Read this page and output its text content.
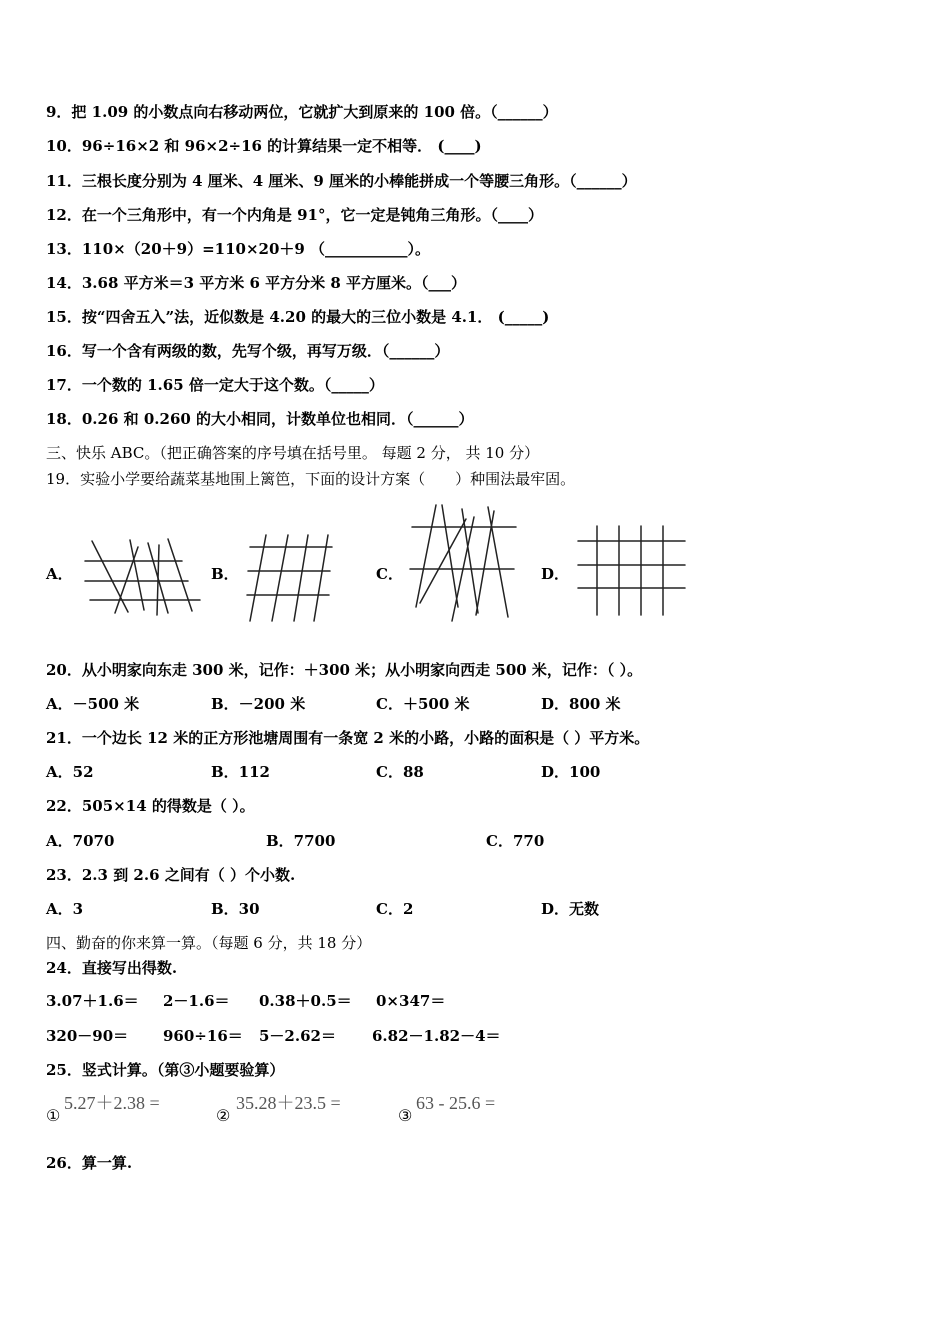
9．把 1.09 的小数点向右移动两位，它就扩大到原来的 100 倍。（______）
10．96÷16×2 和 96×2÷16 的计算结果一定不相等． (____)
11．三根长度分别为 4 厘米、4 厘米、9 厘米的小棒能拼成一个等腰三角形。（______）
12．在一个三角形中，有一个内角是 91°，它一定是钝角三角形。（____）
13．110×（20＋9）=110×20＋9 （___________）。
14．3.68 平方米＝3 平方米 6 平方分米 8 平方厘米。（___）
15．按“四舍五入”法，近似数是 4.20 的最大的三位小数是 4.1． (_____)
16．写一个含有两级的数，先写个级，再写万级．（______）
17．一个数的 1.65 倍一定大于这个数。（_____）
18．0.26 和 0.260 的大小相同，计数单位也相同．（______）
三、快乐 ABC。（把正确答案的序号填在括号里。 每题 2 分， 共 10 分）
19．实验小学要给蔬菜基地围上篱笆，下面的设计方案（　　）种围法最牢固。
A．	B．	C．	D．
20．从小明家向东走 300 米，记作：＋300 米；从小明家向西走 500 米，记作：（ ）。
A．－500 米	B．－200 米	C．＋500 米	D．800 米
21．一个边长 12 米的正方形池塘周围有一条宽 2 米的小路，小路的面积是（ ）平方米。
A．52	B．112	C．88	D．100
22．505×14 的得数是（ ）。
A．7070	B．7700	C．770
23．2.3 到 2.6 之间有（ ）个小数.
A．3	B．30	C．2	D．无数
四、勤奋的你来算一算。（每题 6 分，共 18 分）
24．直接写出得数.
3.07＋1.6＝ 2－1.6＝ 0.38＋0.5＝ 0×347＝
320－90＝ 960÷16＝ 5－2.62＝ 6.82－1.82－4＝
25．竖式计算。（第③小题要验算）
①
5.27＋2.38 =
②
35.28＋23.5 =
③
63 - 25.6 =
26．算一算.
